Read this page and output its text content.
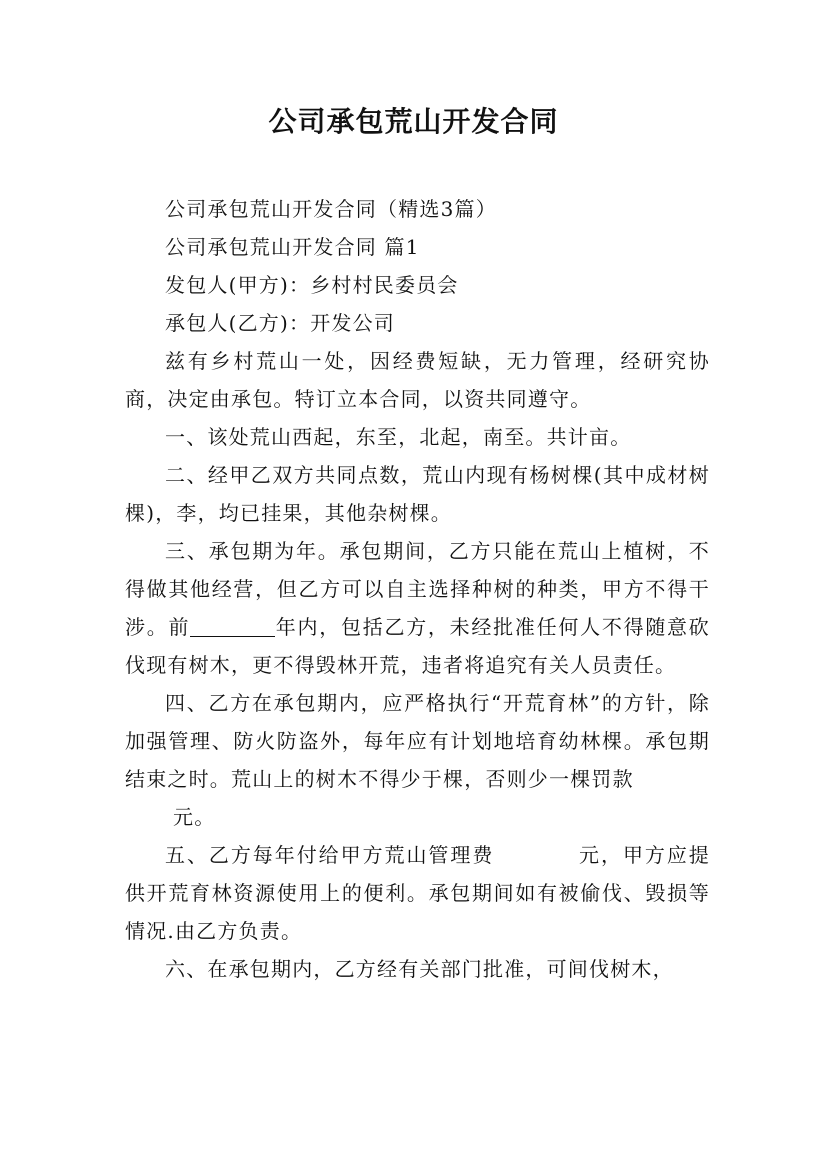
公司承包荒山开发合同

公司承包荒山开发合同（精选3篇）

公司承包荒山开发合同 篇1

发包人(甲方)：乡村村民委员会

承包人(乙方)：开发公司

兹有乡村荒山一处，因经费短缺，无力管理，经研究协商，决定由承包。特订立本合同，以资共同遵守。

一、该处荒山西起，东至，北起，南至。共计亩。

二、经甲乙双方共同点数，荒山内现有杨树棵(其中成材树棵)，李，均已挂果，其他杂树棵。

三、承包期为年。承包期间，乙方只能在荒山上植树，不得做其他经营，但乙方可以自主选择种树的种类，甲方不得干涉。前	年内，包括乙方，未经批准任何人不得随意砍伐现有树木，更不得毁林开荒，违者将追究有关人员责任。

四、乙方在承包期内，应严格执行“开荒育林”的方针，除加强管理、防火防盗外，每年应有计划地培育幼林棵。承包期结束之时。荒山上的树木不得少于棵，否则少一棵罚款

元。

五、乙方每年付给甲方荒山管理费	元，甲方应提供开荒育林资源使用上的便利。承包期间如有被偷伐、毁损等情况.由乙方负责。

六、在承包期内，乙方经有关部门批准，可间伐树木，
